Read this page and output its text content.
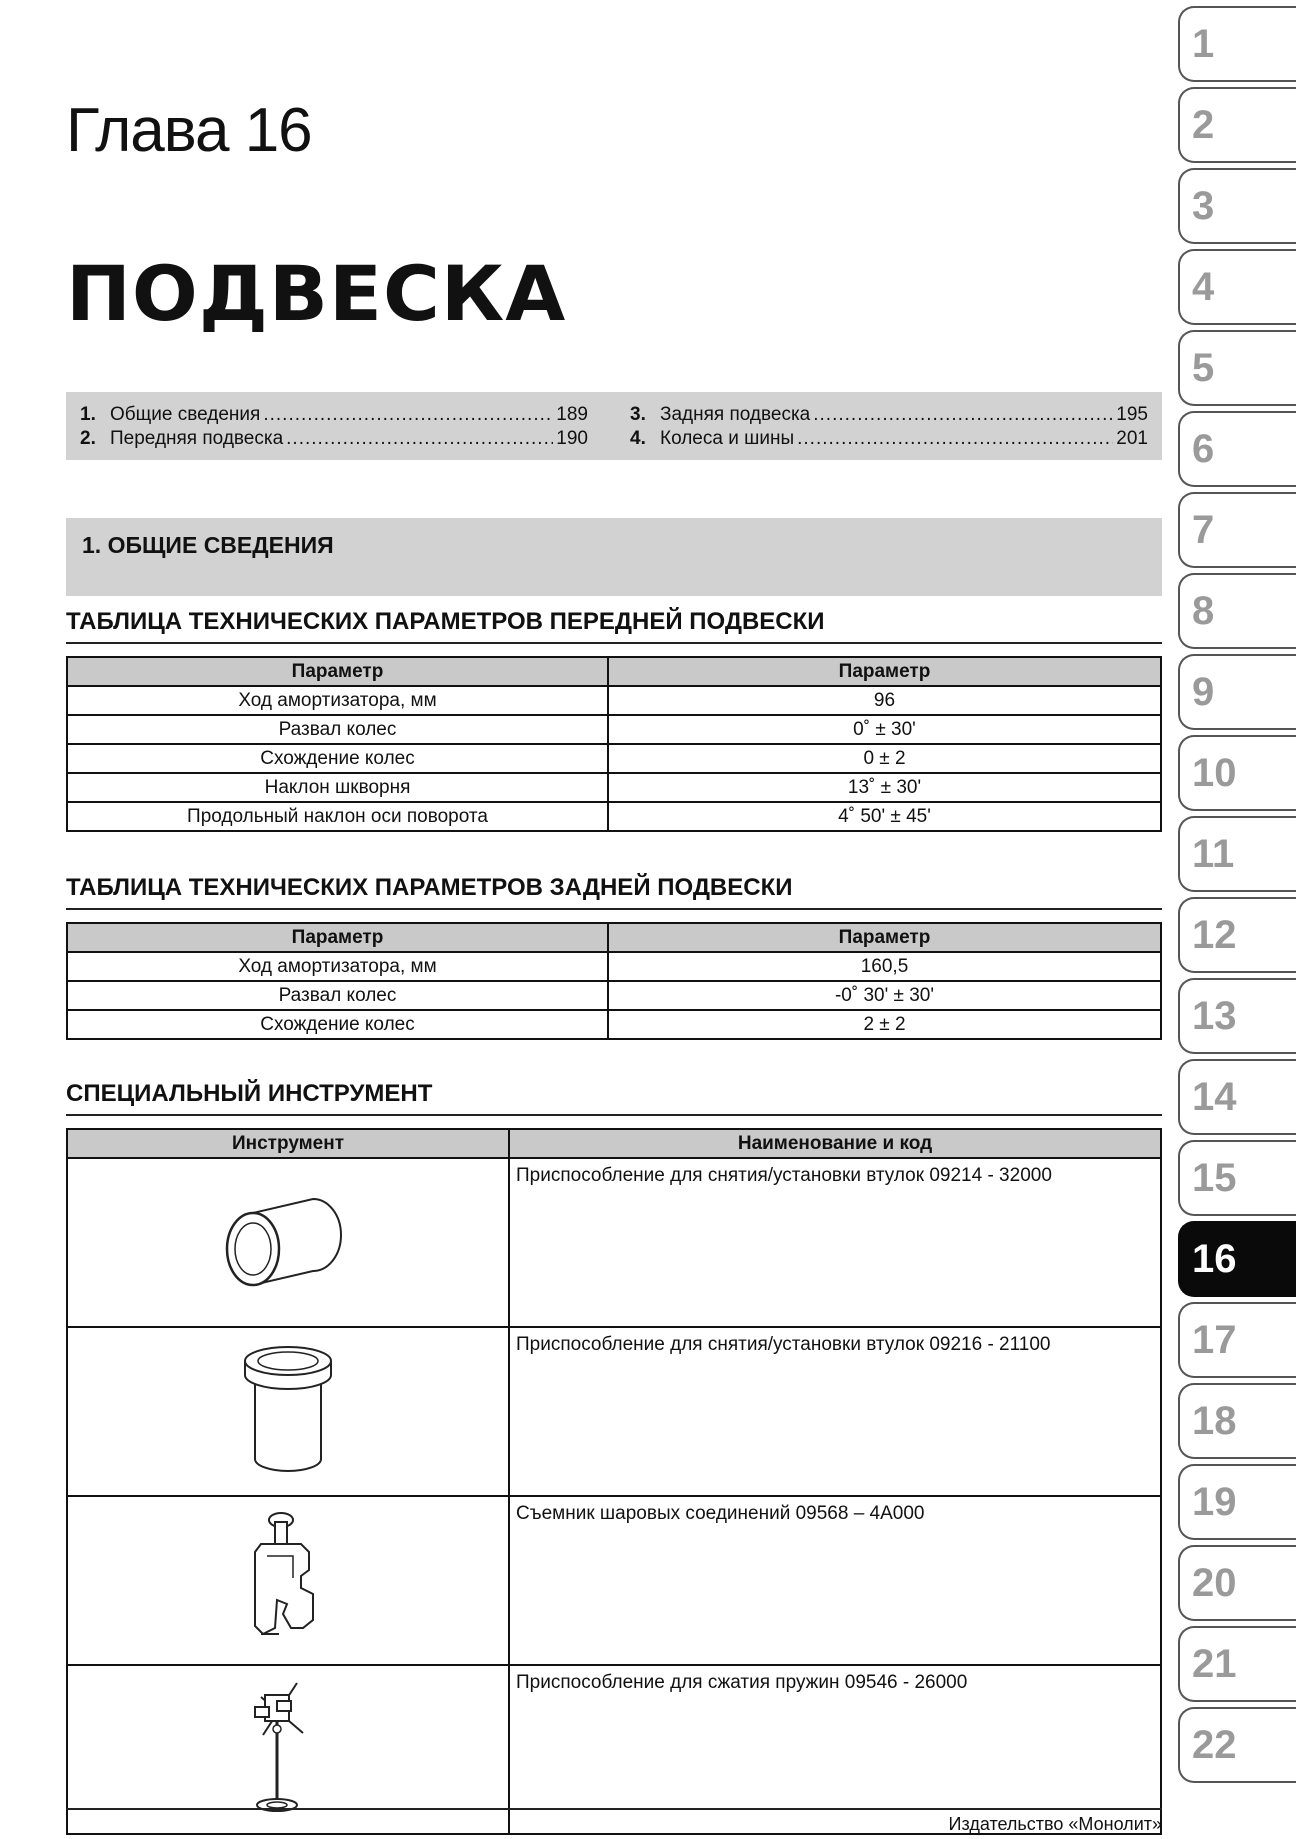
Глава 16
ПОДВЕСКА
1. Общие сведения .....	189
2. Передняя подвеска .....	190
3. Задняя подвеска .....	195
4. Колеса и шины .....	201
1. ОБЩИЕ СВЕДЕНИЯ
ТАБЛИЦА ТЕХНИЧЕСКИХ ПАРАМЕТРОВ ПЕРЕДНЕЙ ПОДВЕСКИ
Параметр	Параметр
Ход амортизатора, мм	96
Развал колес	0˚ ± 30'
Схождение колес	0 ± 2
Наклон шкворня	13˚ ± 30'
Продольный наклон оси поворота	4˚ 50' ± 45'
ТАБЛИЦА ТЕХНИЧЕСКИХ ПАРАМЕТРОВ ЗАДНЕЙ ПОДВЕСКИ
Параметр	Параметр
Ход амортизатора, мм	160,5
Развал колес	-0˚ 30' ± 30'
Схождение колес	2 ± 2
СПЕЦИАЛЬНЫЙ ИНСТРУМЕНТ
Инструмент	Наименование и код
	Приспособление для снятия/установки втулок 09214 - 32000
	Приспособление для снятия/установки втулок 09216 - 21100
	Съемник шаровых соединений 09568 – 4A000
	Приспособление для сжатия пружин 09546 - 26000
Издательство «Монолит»
1
2
3
4
5
6
7
8
9
10
11
12
13
14
15
16
17
18
19
20
21
22
